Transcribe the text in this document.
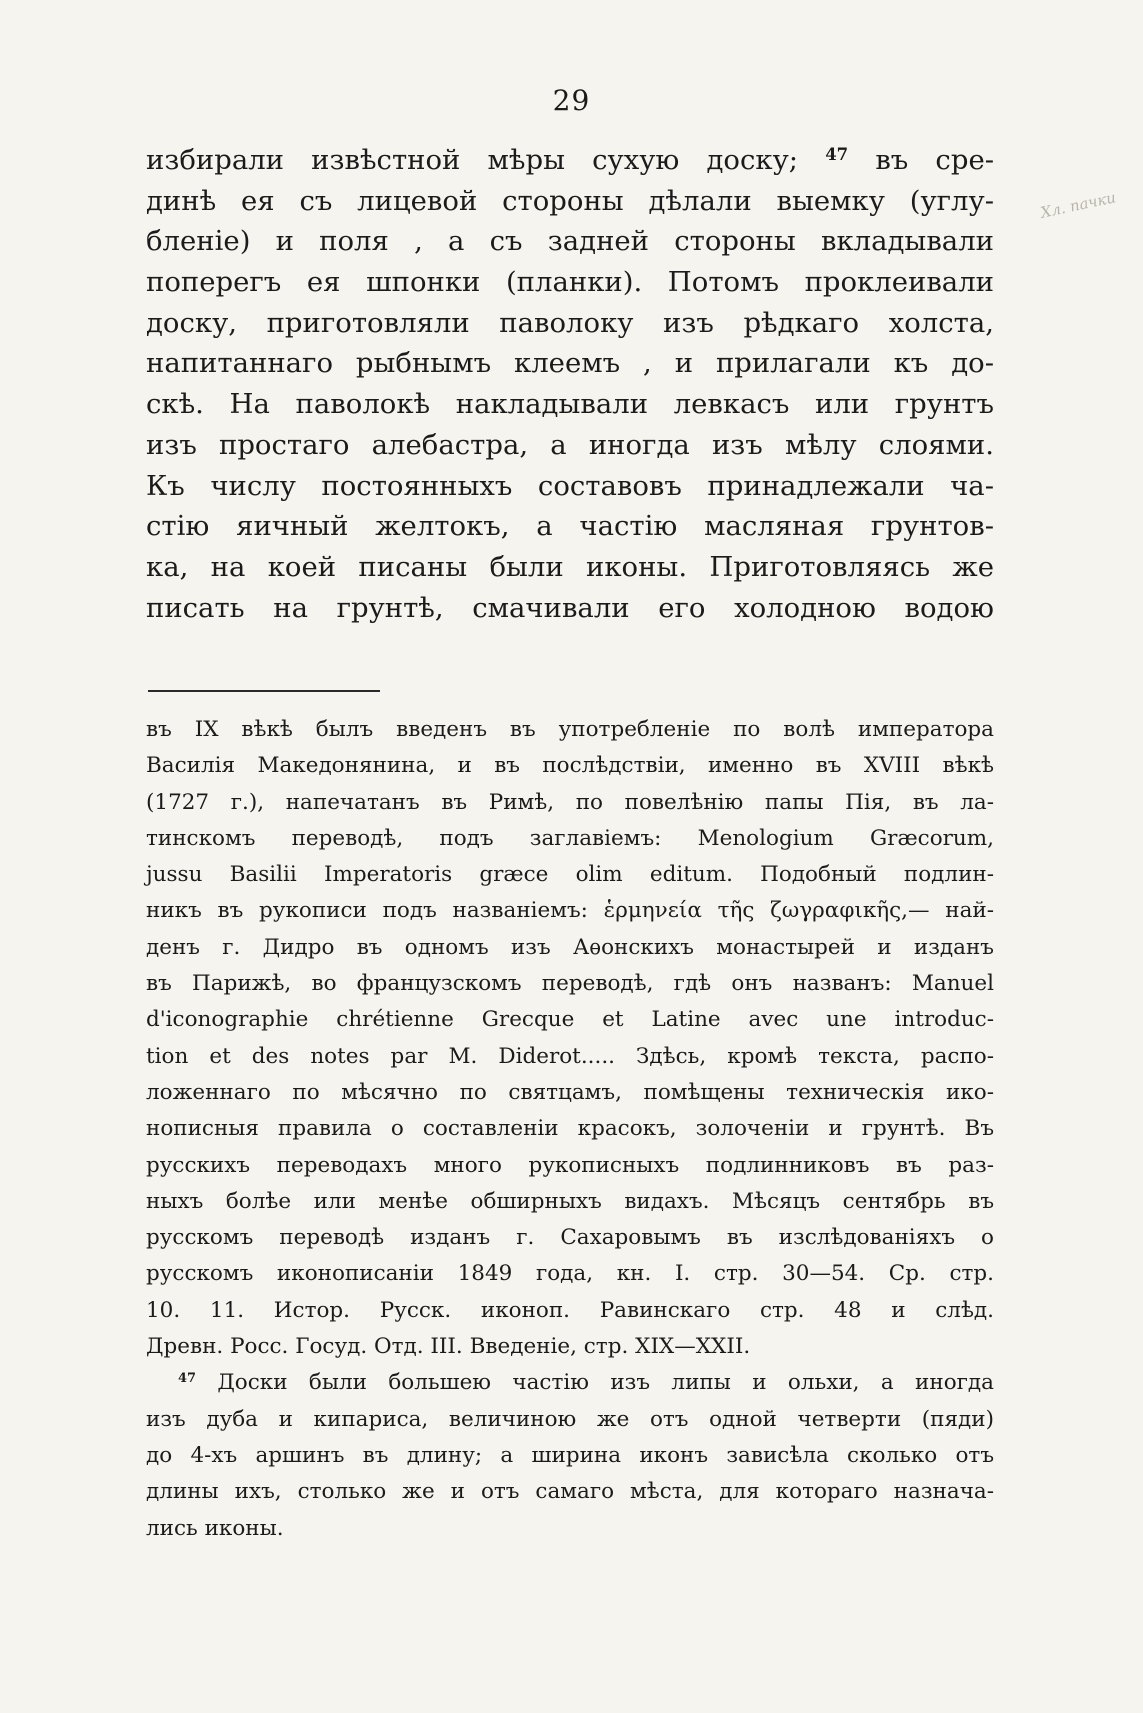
29
Хл. пачки
избирали извѣстной мѣры сухую доску; $^{47}$ въ сре-
динѣ ея съ лицевой стороны дѣлали выемку (углу-
бленіе) и поля , а съ задней стороны вкладывали
поперегъ ея шпонки (планки). Потомъ проклеивали
доску, приготовляли паволоку изъ рѣдкаго холста,
напитаннаго рыбнымъ клеемъ , и прилагали къ до-
скѣ. На паволокѣ накладывали левкасъ или грунтъ
изъ простаго алебастра, а иногда изъ мѣлу слоями.
Къ числу постоянныхъ составовъ принадлежали ча-
стію яичный желтокъ, а частію масляная грунтов-
ка, на коей писаны были иконы. Приготовляясь же
писать на грунтѣ, смачивали его холодною водою
въ IX вѣкѣ былъ введенъ въ употребленіе по волѣ императора
Василія Македонянина, и въ послѣдствіи, именно въ XVIII вѣкѣ
(1727 г.), напечатанъ въ Римѣ, по повелѣнію папы Пія, въ ла-
тинскомъ переводѣ, подъ заглавіемъ: Menologium Græcorum,
jussu Basilii Imperatoris græce olim editum. Подобный подлин-
никъ въ рукописи подъ названіемъ: ἑρμηνεία τῆς ζωγραφικῆς,— най-
денъ г. Дидро въ одномъ изъ Аѳонскихъ монастырей и изданъ
въ Парижѣ, во французскомъ переводѣ, гдѣ онъ названъ: Manuel
d'iconographie chrétienne Grecque et Latine avec une introduc-
tion et des notes par M. Diderot..... Здѣсь, кромѣ текста, распо-
ложеннаго по мѣсячно по святцамъ, помѣщены техническія ико-
нописныя правила о составленіи красокъ, золоченіи и грунтѣ. Въ
русскихъ переводахъ много рукописныхъ подлинниковъ въ раз-
ныхъ болѣе или менѣе обширныхъ видахъ. Мѣсяцъ сентябрь въ
русскомъ переводѣ изданъ г. Сахаровымъ въ изслѣдованіяхъ о
русскомъ иконописаніи 1849 года, кн. I. стр. 30—54. Ср. стр.
10. 11. Истор. Русск. иконоп. Равинскаго стр. 48 и слѣд.
Древн. Росс. Госуд. Отд. III. Введеніе, стр. XIX—XXII.
$^{47}$ Доски были большею частію изъ липы и ольхи, а иногда
изъ дуба и кипариса, величиною же отъ одной четверти (пяди)
до 4-хъ аршинъ въ длину; а ширина иконъ зависѣла сколько отъ
длины ихъ, столько же и отъ самаго мѣста, для котораго назнача-
лись иконы.
